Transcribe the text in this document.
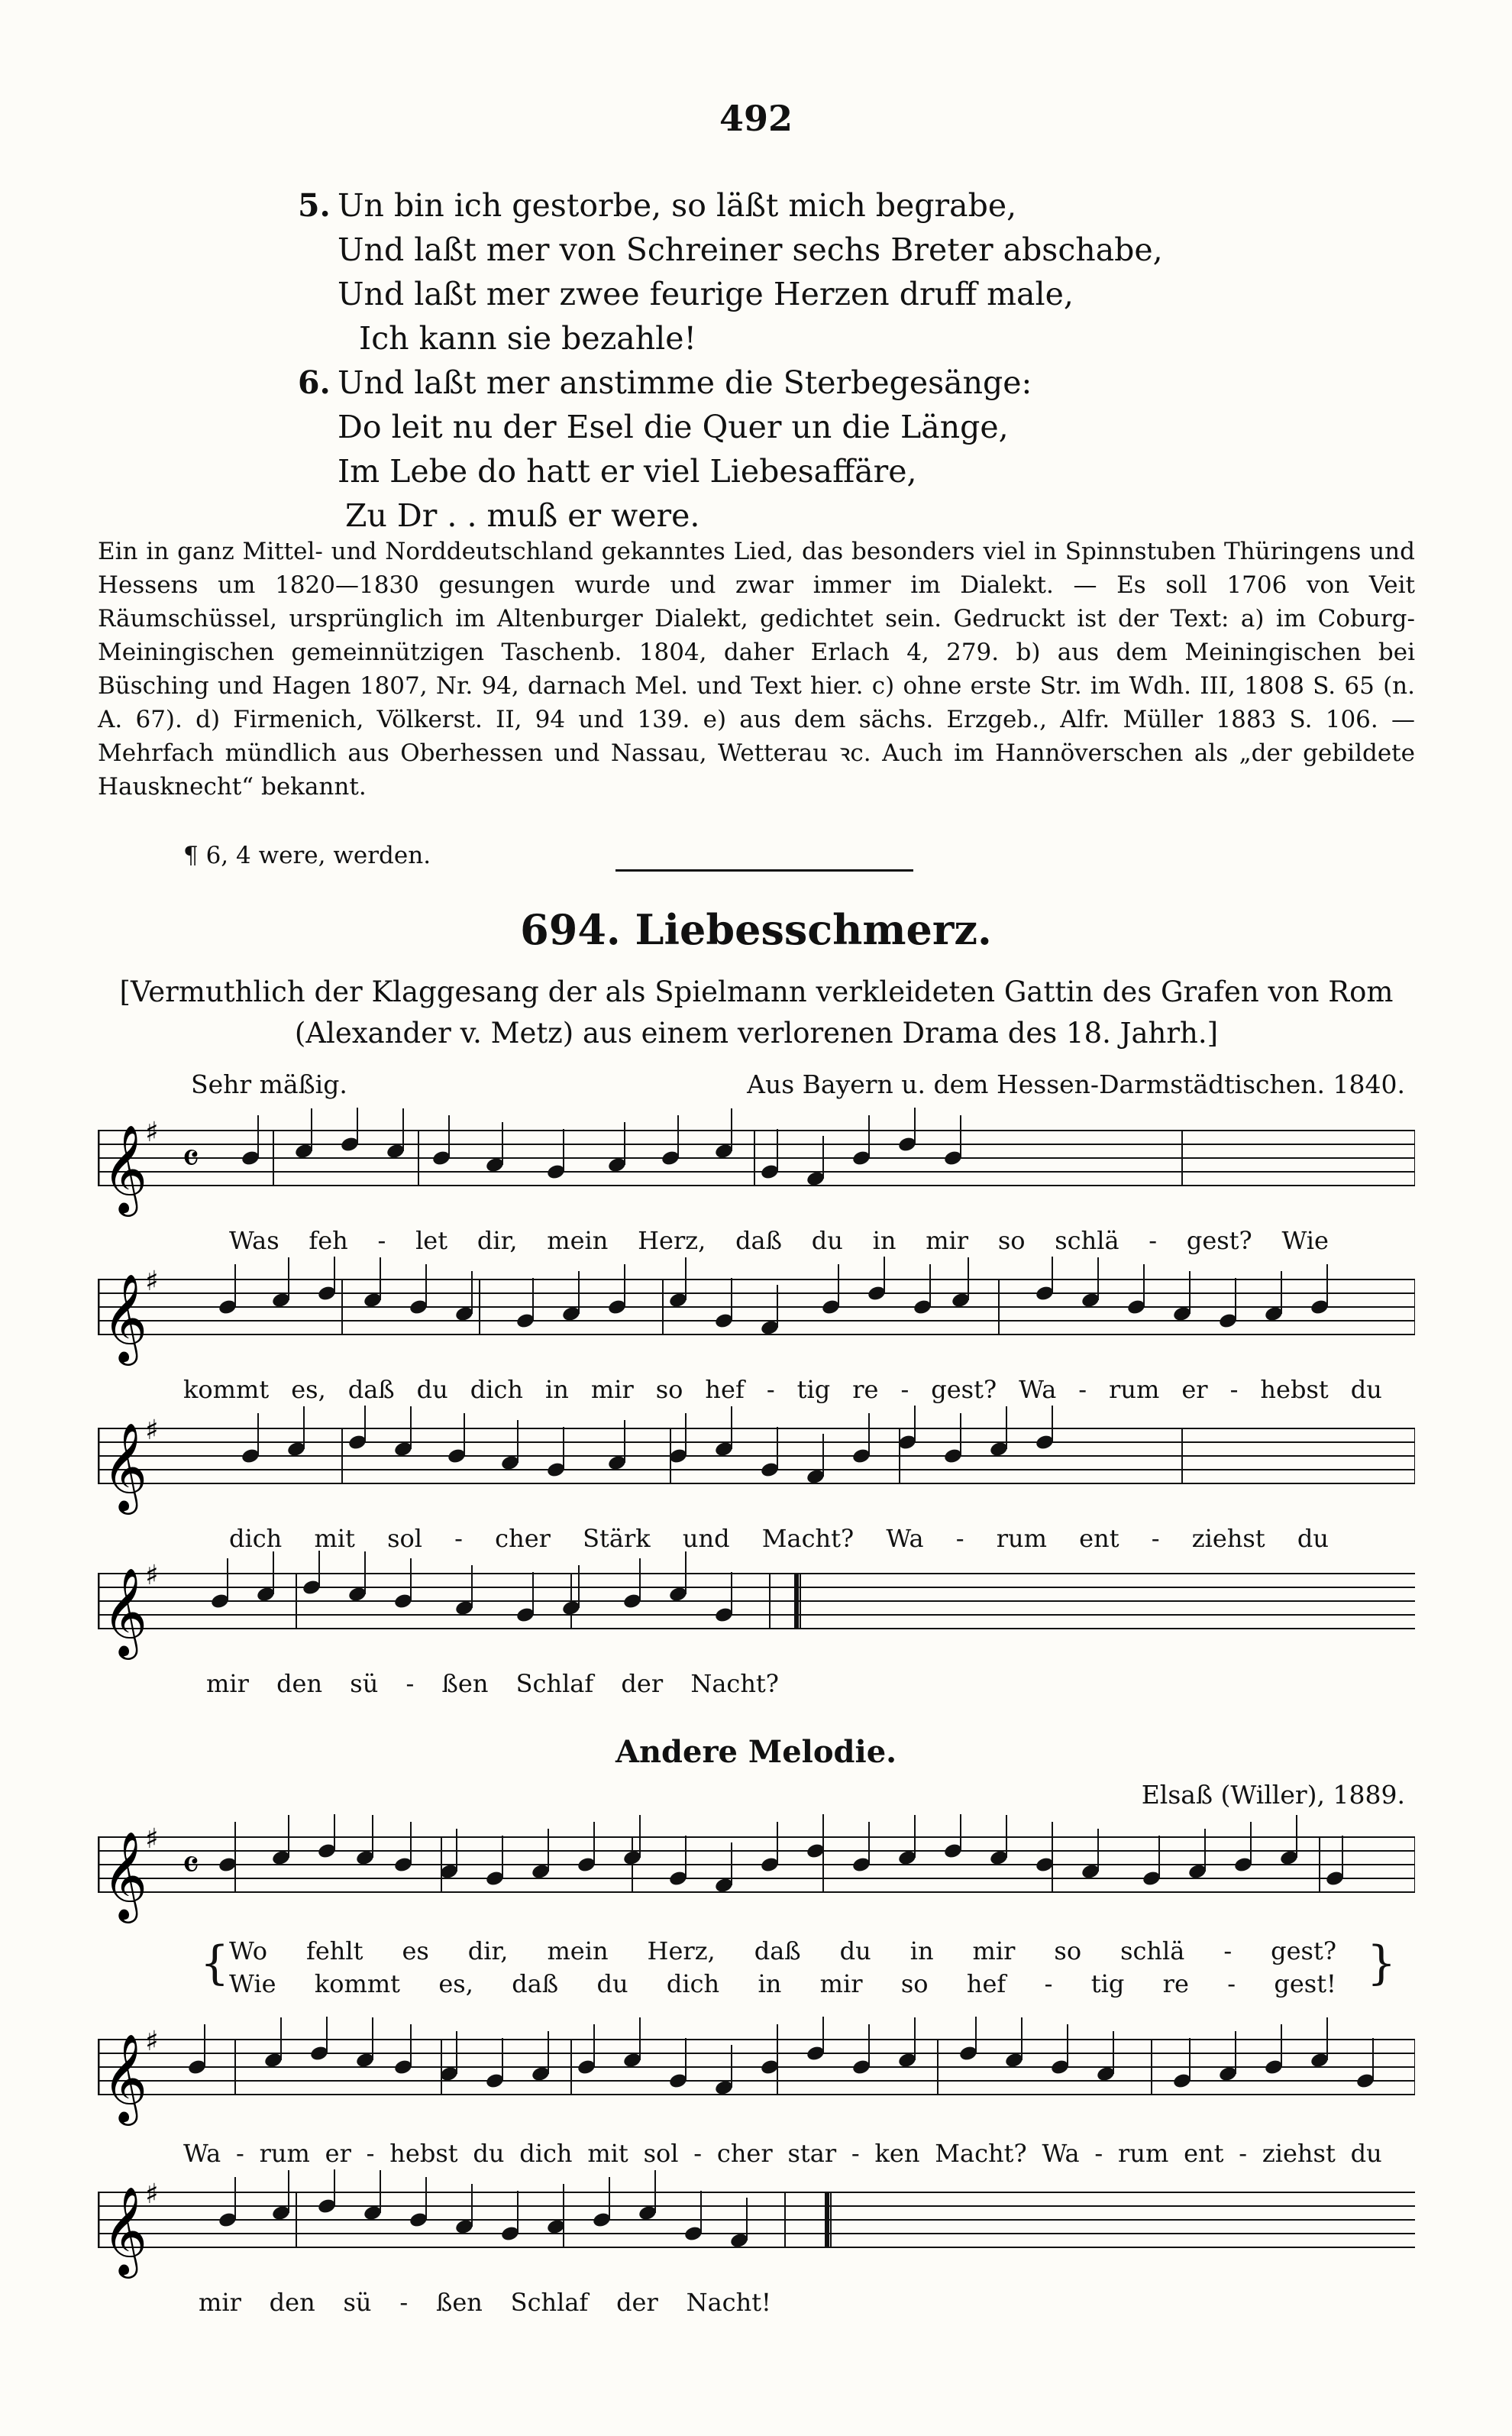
492
5. Un bin ich gestorbe, so läßt mich begrabe,
Und laßt mer von Schreiner sechs Breter abschabe,
Und laßt mer zwee feurige Herzen druff male,
Ich kann sie bezahle!
6. Und laßt mer anstimme die Sterbegesänge:
Do leit nu der Esel die Quer un die Länge,
Im Lebe do hatt er viel Liebesaffäre,
Zu Dr . . muß er were.
Ein in ganz Mittel- und Norddeutschland gekanntes Lied, das besonders viel in Spinnstuben Thüringens und Hessens um 1820—1830 gesungen wurde und zwar immer im Dialekt. — Es soll 1706 von Veit Räumschüssel, ursprünglich im Altenburger Dialekt, gedichtet sein. Gedruckt ist der Text: a) im Coburg-Meiningischen gemeinnützigen Taschenb. 1804, daher Erlach 4, 279. b) aus dem Meiningischen bei Büsching und Hagen 1807, Nr. 94, darnach Mel. und Text hier. c) ohne erste Str. im Wdh. III, 1808 S. 65 (n. A. 67). d) Firmenich, Völkerst. II, 94 und 139. e) aus dem sächs. Erzgeb., Alfr. Müller 1883 S. 106. — Mehrfach mündlich aus Oberhessen und Nassau, Wetterau ꝛc. Auch im Hannöverschen als „der gebildete Hausknecht“ bekannt.
¶ 6, 4 were, werden.
694. Liebesschmerz.
[Vermuthlich der Klaggesang der als Spielmann verkleideten Gattin des Grafen von Rom (Alexander v. Metz) aus einem verlorenen Drama des 18. Jahrh.]
Sehr mäßig.	Aus Bayern u. dem Hessen-Darmstädtischen. 1840.
𝄞
♯
𝄴
𝄞
♯
𝄞
♯
𝄞
♯
Was feh - let dir, mein Herz, daß du in mir so schlä - gest? Wie
kommt es, daß du dich in mir so hef - tig re - gest? Wa - rum er - hebst du
dich mit sol - cher Stärk und Macht? Wa - rum ent - ziehst du
mir den sü - ßen Schlaf der Nacht?
Andere Melodie.
Elsaß (Willer), 1889.
𝄞
♯
𝄴
𝄞
♯
𝄞
♯
{	}
Wo fehlt es dir, mein Herz, daß du in mir so schlä - gest?
Wie kommt es, daß du dich in mir so hef - tig re - gest!
Wa - rum er - hebst du dich mit sol - cher star - ken Macht? Wa - rum ent - ziehst du
mir den sü - ßen Schlaf der Nacht!
